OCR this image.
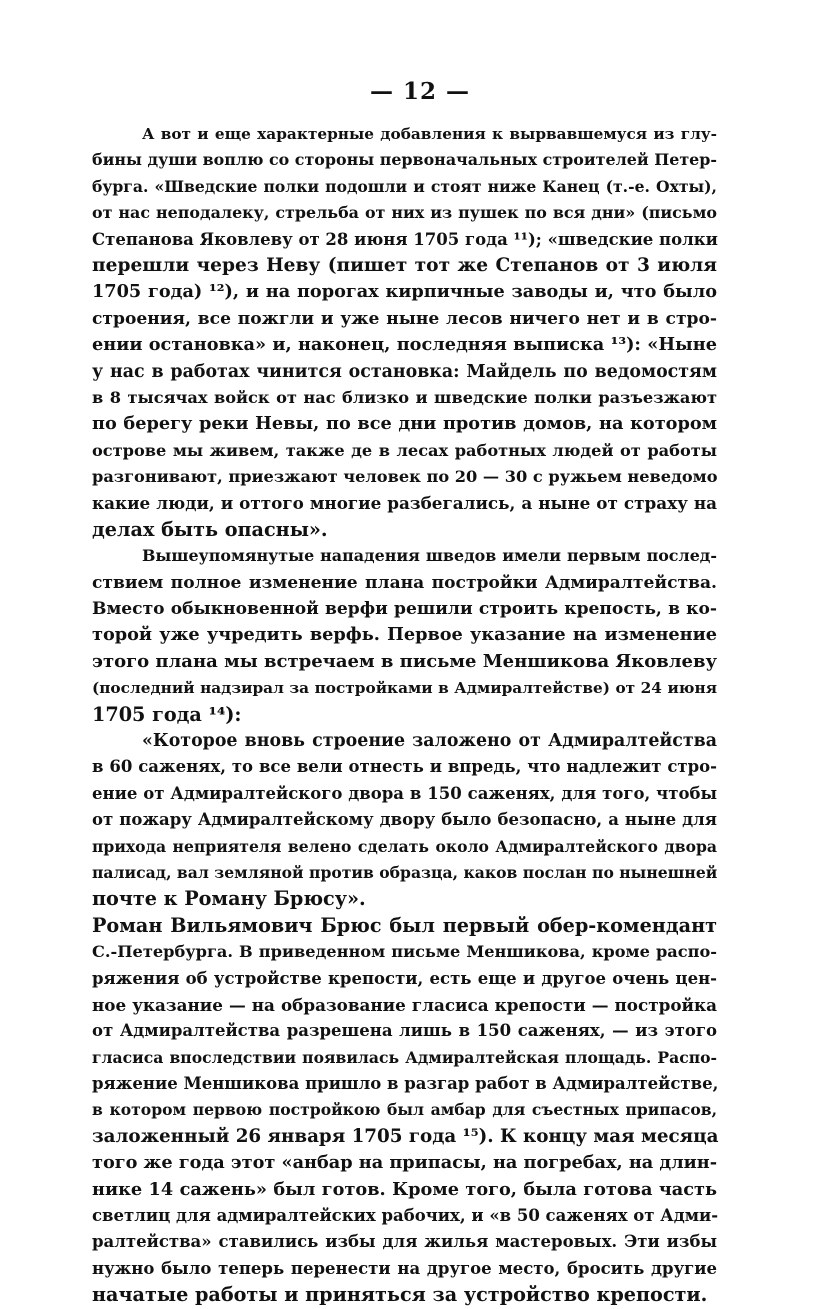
— 12 —
А вот и еще характерные добавления к вырвавшемуся из глу-
бины души воплю со стороны первоначальных строителей Петер-
бурга. «Шведские полки подошли и стоят ниже Канец (т.-е. Охты),
от нас неподалеку, стрельба от них из пушек по вся дни» (письмо
Степанова Яковлеву от 28 июня 1705 года ¹¹); «шведские полки
перешли через Неву (пишет тот же Степанов от 3 июля
1705 года) ¹²), и на порогах кирпичные заводы и, что было
строения, все пожгли и уже ныне лесов ничего нет и в стро-
ении остановка» и, наконец, последняя выписка ¹³): «Ныне
у нас в работах чинится остановка: Майдель по ведомостям
в 8 тысячах войск от нас близко и шведские полки разъезжают
по берегу реки Невы, по все дни против домов, на котором
острове мы живем, также де в лесах работных людей от работы
разгонивают, приезжают человек по 20 — 30 с ружьем неведомо
какие люди, и оттого многие разбегались, а ныне от страху на
делах быть опасны».
Вышеупомянутые нападения шведов имели первым послед-
ствием полное изменение плана постройки Адмиралтейства.
Вместо обыкновенной верфи решили строить крепость, в ко-
торой уже учредить верфь. Первое указание на изменение
этого плана мы встречаем в письме Меншикова Яковлеву
(последний надзирал за постройками в Адмиралтействе) от 24 июня
1705 года ¹⁴):
«Которое вновь строение заложено от Адмиралтейства
в 60 саженях, то все вели отнесть и впредь, что надлежит стро-
ение от Адмиралтейского двора в 150 саженях, для того, чтобы
от пожару Адмиралтейскому двору было безопасно, а ныне для
прихода неприятеля велено сделать около Адмиралтейского двора
палисад, вал земляной против образца, каков послан по нынешней
почте к Роману Брюсу».
Роман Вильямович Брюс был первый обер-комендант
С.-Петербурга. В приведенном письме Меншикова, кроме распо-
ряжения об устройстве крепости, есть еще и другое очень цен-
ное указание — на образование гласиса крепости — постройка
от Адмиралтейства разрешена лишь в 150 саженях, — из этого
гласиса впоследствии появилась Адмиралтейская площадь. Распо-
ряжение Меншикова пришло в разгар работ в Адмиралтействе,
в котором первою постройкою был амбар для съестных припасов,
заложенный 26 января 1705 года ¹⁵). К концу мая месяца
того же года этот «анбар на припасы, на погребах, на длин-
нике 14 сажень» был готов. Кроме того, была готова часть
светлиц для адмиралтейских рабочих, и «в 50 саженях от Адми-
ралтейства» ставились избы для жилья мастеровых. Эти избы
нужно было теперь перенести на другое место, бросить другие
начатые работы и приняться за устройство крепости.
